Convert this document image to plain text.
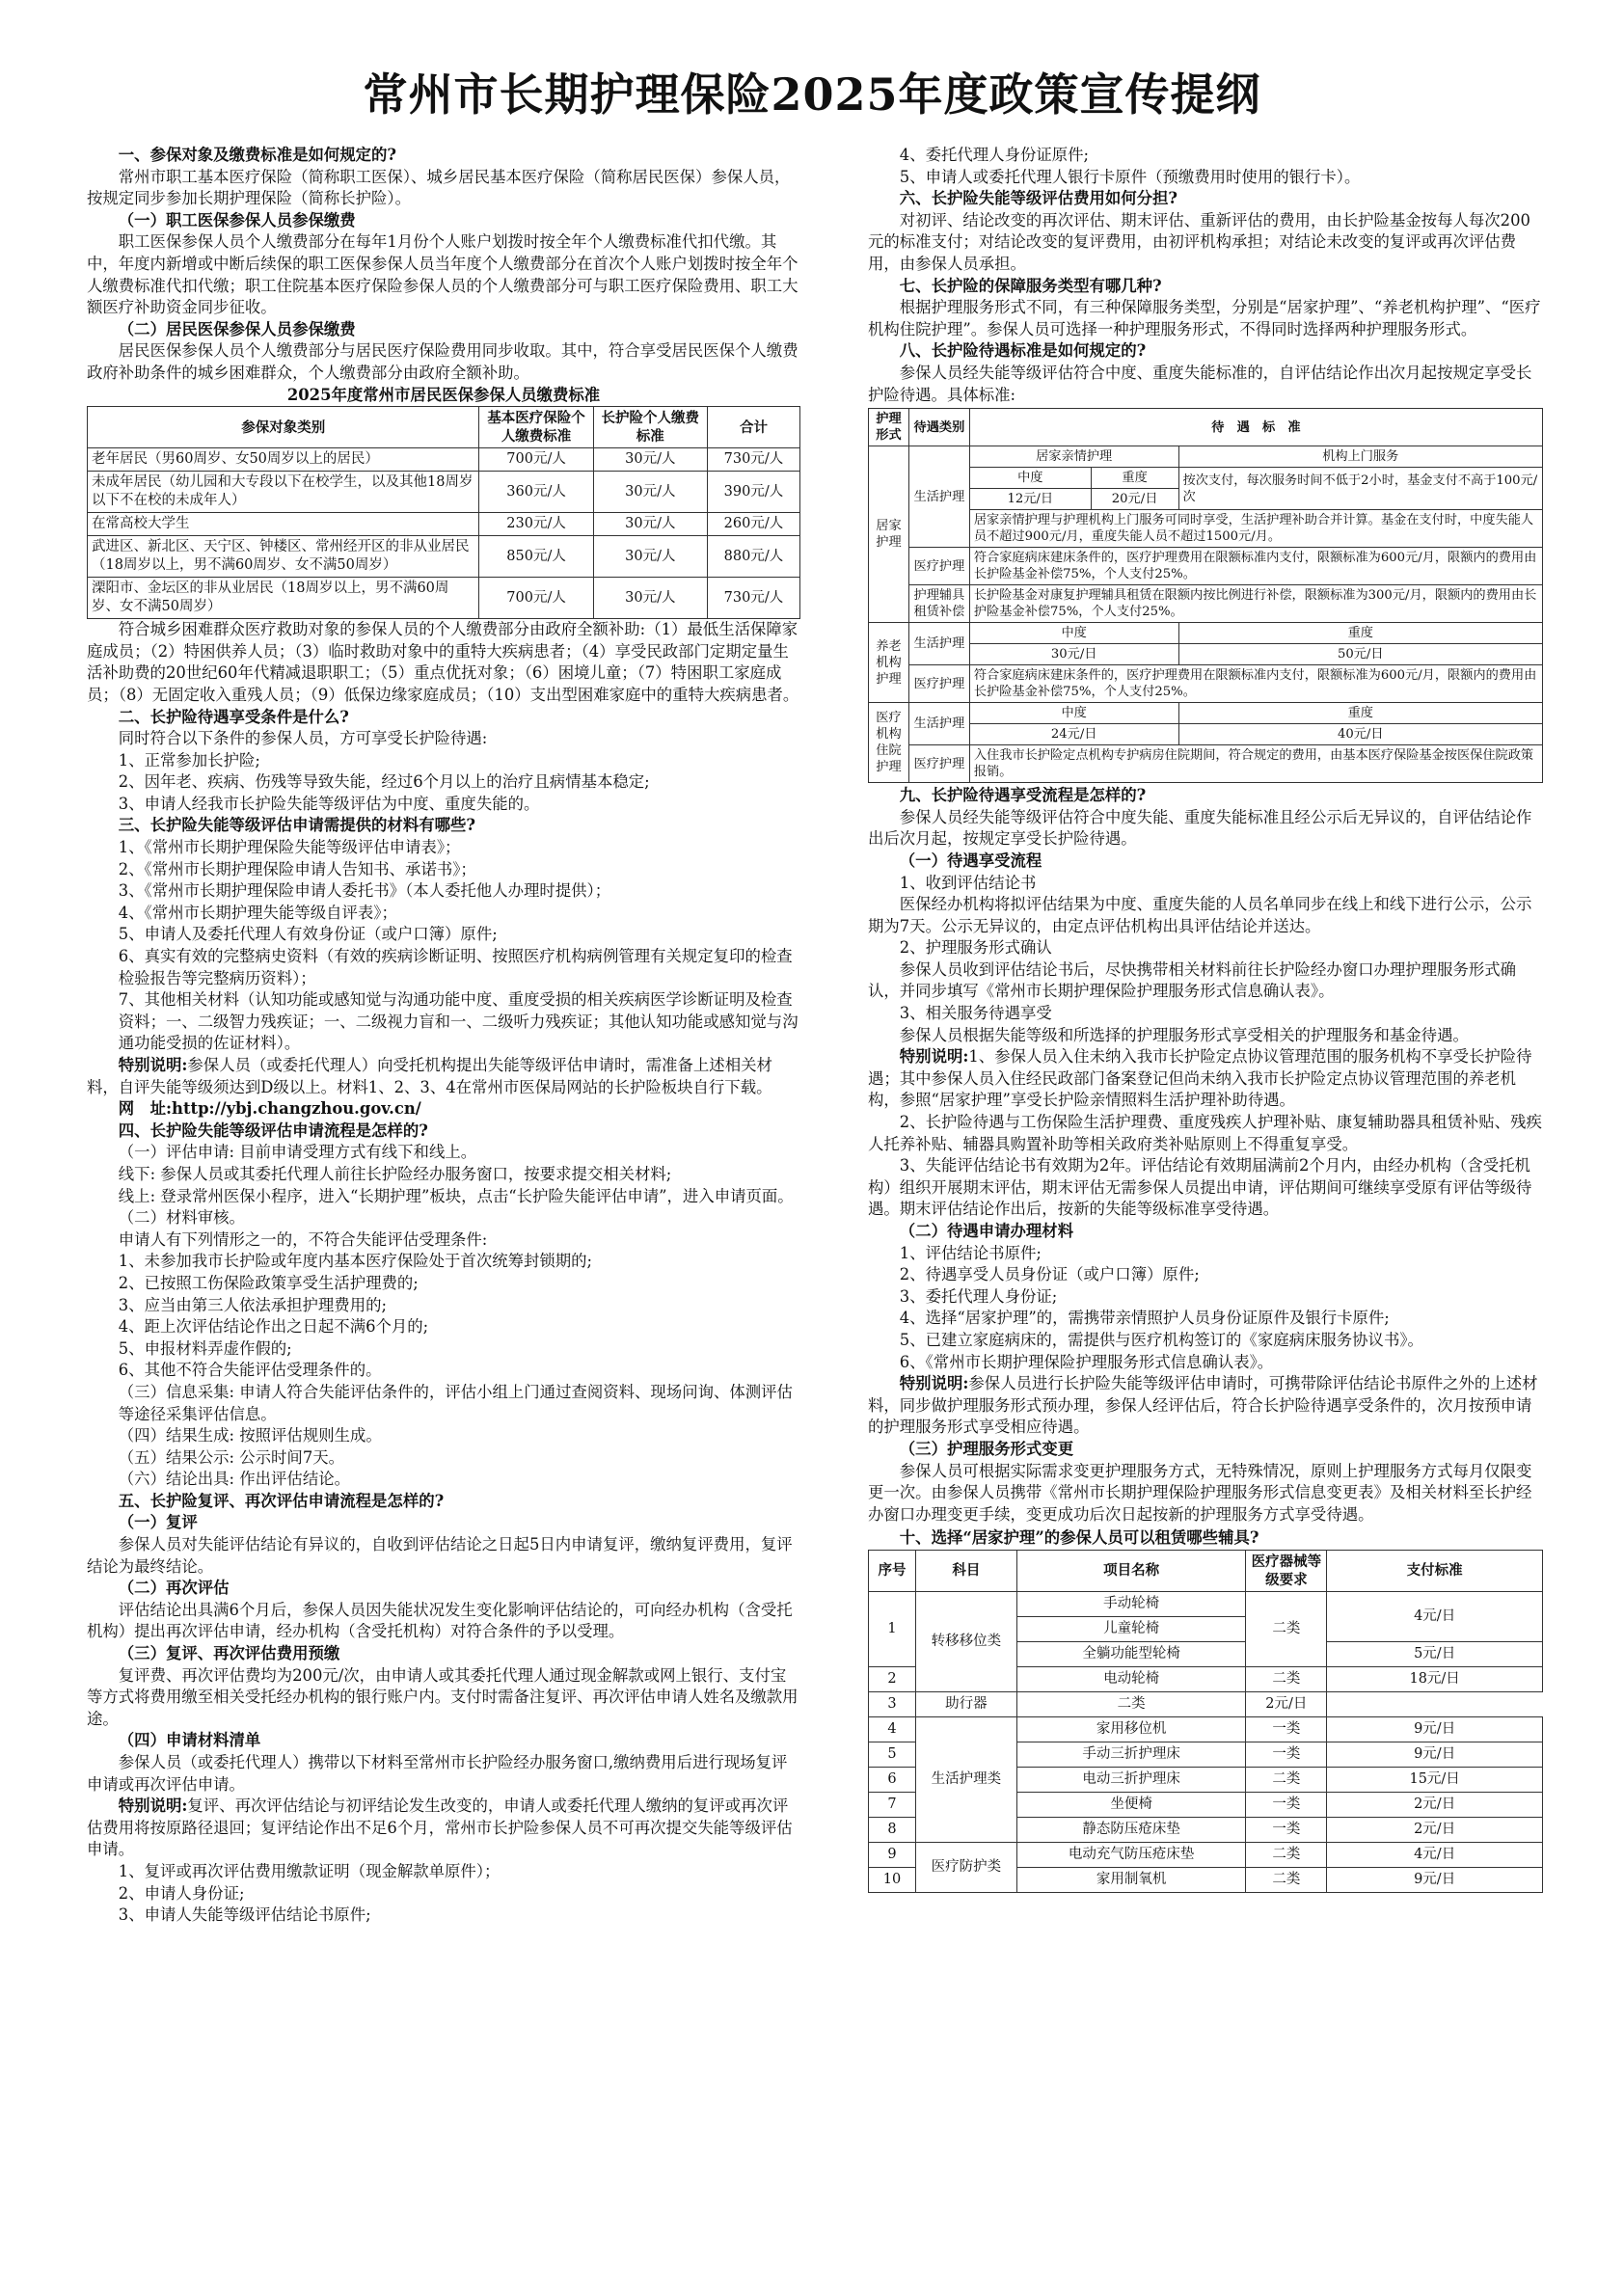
常州市长期护理保险2025年度政策宣传提纲

一、参保对象及缴费标准是如何规定的?

常州市职工基本医疗保险（简称职工医保）、城乡居民基本医疗保险（简称居民医保）参保人员，按规定同步参加长期护理保险（简称长护险）。

（一）职工医保参保人员参保缴费

职工医保参保人员个人缴费部分在每年1月份个人账户划拨时按全年个人缴费标准代扣代缴。其中，年度内新增或中断后续保的职工医保参保人员当年度个人缴费部分在首次个人账户划拨时按全年个人缴费标准代扣代缴；职工住院基本医疗保险参保人员的个人缴费部分可与职工医疗保险费用、职工大额医疗补助资金同步征收。

（二）居民医保参保人员参保缴费

居民医保参保人员个人缴费部分与居民医疗保险费用同步收取。其中，符合享受居民医保个人缴费政府补助条件的城乡困难群众，个人缴费部分由政府全额补助。

2025年度常州市居民医保参保人员缴费标准

参保对象类别	基本医疗保险个人缴费标准	长护险个人缴费标准	合计
老年居民（男60周岁、女50周岁以上的居民）	700元/人	30元/人	730元/人
未成年居民（幼儿园和大专段以下在校学生，以及其他18周岁以下不在校的未成年人）	360元/人	30元/人	390元/人
在常高校大学生	230元/人	30元/人	260元/人
武进区、新北区、天宁区、钟楼区、常州经开区的非从业居民（18周岁以上，男不满60周岁、女不满50周岁）	850元/人	30元/人	880元/人
溧阳市、金坛区的非从业居民（18周岁以上，男不满60周岁、女不满50周岁）	700元/人	30元/人	730元/人

符合城乡困难群众医疗救助对象的参保人员的个人缴费部分由政府全额补助:（1）最低生活保障家庭成员；（2）特困供养人员；（3）临时救助对象中的重特大疾病患者；（4）享受民政部门定期定量生活补助费的20世纪60年代精减退职职工；（5）重点优抚对象；（6）困境儿童；（7）特困职工家庭成员；（8）无固定收入重残人员；（9）低保边缘家庭成员；（10）支出型困难家庭中的重特大疾病患者。

二、长护险待遇享受条件是什么?

同时符合以下条件的参保人员，方可享受长护险待遇:

1、正常参加长护险;

2、因年老、疾病、伤残等导致失能，经过6个月以上的治疗且病情基本稳定;

3、申请人经我市长护险失能等级评估为中度、重度失能的。

三、长护险失能等级评估申请需提供的材料有哪些?

1、《常州市长期护理保险失能等级评估申请表》；

2、《常州市长期护理保险申请人告知书、承诺书》；

3、《常州市长期护理保险申请人委托书》（本人委托他人办理时提供）；

4、《常州市长期护理失能等级自评表》；

5、申请人及委托代理人有效身份证（或户口簿）原件;

6、真实有效的完整病史资料（有效的疾病诊断证明、按照医疗机构病例管理有关规定复印的检查检验报告等完整病历资料）；

7、其他相关材料（认知功能或感知觉与沟通功能中度、重度受损的相关疾病医学诊断证明及检查资料；一、二级智力残疾证；一、二级视力盲和一、二级听力残疾证；其他认知功能或感知觉与沟通功能受损的佐证材料）。

特别说明:参保人员（或委托代理人）向受托机构提出失能等级评估申请时，需准备上述相关材料，自评失能等级须达到D级以上。材料1、2、3、4在常州市医保局网站的长护险板块自行下载。

网　址:http://ybj.changzhou.gov.cn/

四、长护险失能等级评估申请流程是怎样的?

（一）评估申请: 目前申请受理方式有线下和线上。

线下: 参保人员或其委托代理人前往长护险经办服务窗口，按要求提交相关材料;

线上: 登录常州医保小程序，进入“长期护理”板块，点击“长护险失能评估申请”，进入申请页面。

（二）材料审核。

申请人有下列情形之一的，不符合失能评估受理条件:

1、未参加我市长护险或年度内基本医疗保险处于首次统筹封锁期的;

2、已按照工伤保险政策享受生活护理费的;

3、应当由第三人依法承担护理费用的;

4、距上次评估结论作出之日起不满6个月的;

5、申报材料弄虚作假的;

6、其他不符合失能评估受理条件的。

（三）信息采集: 申请人符合失能评估条件的，评估小组上门通过查阅资料、现场问询、体测评估等途径采集评估信息。

（四）结果生成: 按照评估规则生成。

（五）结果公示: 公示时间7天。

（六）结论出具: 作出评估结论。

五、长护险复评、再次评估申请流程是怎样的?

（一）复评

参保人员对失能评估结论有异议的，自收到评估结论之日起5日内申请复评，缴纳复评费用，复评结论为最终结论。

（二）再次评估

评估结论出具满6个月后，参保人员因失能状况发生变化影响评估结论的，可向经办机构（含受托机构）提出再次评估申请，经办机构（含受托机构）对符合条件的予以受理。

（三）复评、再次评估费用预缴

复评费、再次评估费均为200元/次，由申请人或其委托代理人通过现金解款或网上银行、支付宝等方式将费用缴至相关受托经办机构的银行账户内。支付时需备注复评、再次评估申请人姓名及缴款用途。

（四）申请材料清单

参保人员（或委托代理人）携带以下材料至常州市长护险经办服务窗口,缴纳费用后进行现场复评申请或再次评估申请。

特别说明:复评、再次评估结论与初评结论发生改变的，申请人或委托代理人缴纳的复评或再次评估费用将按原路径退回；复评结论作出不足6个月，常州市长护险参保人员不可再次提交失能等级评估申请。

1、复评或再次评估费用缴款证明（现金解款单原件）；

2、申请人身份证;

3、申请人失能等级评估结论书原件;

4、委托代理人身份证原件;

5、申请人或委托代理人银行卡原件（预缴费用时使用的银行卡）。

六、长护险失能等级评估费用如何分担?

对初评、结论改变的再次评估、期末评估、重新评估的费用，由长护险基金按每人每次200元的标准支付；对结论改变的复评费用，由初评机构承担；对结论未改变的复评或再次评估费用，由参保人员承担。

七、长护险的保障服务类型有哪几种?

根据护理服务形式不同，有三种保障服务类型，分别是“居家护理”、“养老机构护理”、“医疗机构住院护理”。参保人员可选择一种护理服务形式，不得同时选择两种护理服务形式。

八、长护险待遇标准是如何规定的?

参保人员经失能等级评估符合中度、重度失能标准的，自评估结论作出次月起按规定享受长护险待遇。具体标准:

护理形式	待遇类别	待　遇　标　准		
居家护理	生活护理	居家亲情护理		机构上门服务
		中度	重度	按次支付，每次服务时间不低于2小时，基金支付不高于100元/次
		12元/日	20元/日	
		居家亲情护理与护理机构上门服务可同时享受，生活护理补助合并计算。基金在支付时，中度失能人员不超过900元/月，重度失能人员不超过1500元/月。		
	医疗护理	符合家庭病床建床条件的，医疗护理费用在限额标准内支付，限额标准为600元/月，限额内的费用由长护险基金补偿75%，个人支付25%。		
	护理辅具租赁补偿	长护险基金对康复护理辅具租赁在限额内按比例进行补偿，限额标准为300元/月，限额内的费用由长护险基金补偿75%，个人支付25%。		
养老机构护理	生活护理	中度		重度
		30元/日		50元/日
	医疗护理	符合家庭病床建床条件的，医疗护理费用在限额标准内支付，限额标准为600元/月，限额内的费用由长护险基金补偿75%，个人支付25%。		
医疗机构住院护理	生活护理	中度		重度
		24元/日		40元/日
	医疗护理	入住我市长护险定点机构专护病房住院期间，符合规定的费用，由基本医疗保险基金按医保住院政策报销。		

九、长护险待遇享受流程是怎样的?

参保人员经失能等级评估符合中度失能、重度失能标准且经公示后无异议的，自评估结论作出后次月起，按规定享受长护险待遇。

（一）待遇享受流程

1、收到评估结论书

医保经办机构将拟评估结果为中度、重度失能的人员名单同步在线上和线下进行公示，公示期为7天。公示无异议的，由定点评估机构出具评估结论并送达。

2、护理服务形式确认

参保人员收到评估结论书后，尽快携带相关材料前往长护险经办窗口办理护理服务形式确认，并同步填写《常州市长期护理保险护理服务形式信息确认表》。

3、相关服务待遇享受

参保人员根据失能等级和所选择的护理服务形式享受相关的护理服务和基金待遇。

特别说明:1、参保人员入住未纳入我市长护险定点协议管理范围的服务机构不享受长护险待遇；其中参保人员入住经民政部门备案登记但尚未纳入我市长护险定点协议管理范围的养老机构，参照“居家护理”享受长护险亲情照料生活护理补助待遇。

2、长护险待遇与工伤保险生活护理费、重度残疾人护理补贴、康复辅助器具租赁补贴、残疾人托养补贴、辅器具购置补助等相关政府类补贴原则上不得重复享受。

3、失能评估结论书有效期为2年。评估结论有效期届满前2个月内，由经办机构（含受托机构）组织开展期末评估，期末评估无需参保人员提出申请，评估期间可继续享受原有评估等级待遇。期末评估结论作出后，按新的失能等级标准享受待遇。

（二）待遇申请办理材料

1、评估结论书原件;

2、待遇享受人员身份证（或户口簿）原件;

3、委托代理人身份证;

4、选择“居家护理”的，需携带亲情照护人员身份证原件及银行卡原件;

5、已建立家庭病床的，需提供与医疗机构签订的《家庭病床服务协议书》。

6、《常州市长期护理保险护理服务形式信息确认表》。

特别说明:参保人员进行长护险失能等级评估申请时，可携带除评估结论书原件之外的上述材料，同步做护理服务形式预办理，参保人经评估后，符合长护险待遇享受条件的，次月按预申请的护理服务形式享受相应待遇。

（三）护理服务形式变更

参保人员可根据实际需求变更护理服务方式，无特殊情况，原则上护理服务方式每月仅限变更一次。由参保人员携带《常州市长期护理保险护理服务形式信息变更表》及相关材料至长护经办窗口办理变更手续，变更成功后次日起按新的护理服务方式享受待遇。

十、选择“居家护理”的参保人员可以租赁哪些辅具?

序号	科目	项目名称	医疗器械等级要求	支付标准
1	转移移位类	手动轮椅	二类	4元/日
		儿童轮椅		
		全躺功能型轮椅		5元/日
2		电动轮椅	二类	18元/日
3	助行器	二类	2元/日	
4	生活护理类	家用移位机	一类	9元/日
5		手动三折护理床	一类	9元/日
6		电动三折护理床	二类	15元/日
7		坐便椅	一类	2元/日
8		静态防压疮床垫	一类	2元/日
9	医疗防护类	电动充气防压疮床垫	二类	4元/日
10		家用制氧机	二类	9元/日
